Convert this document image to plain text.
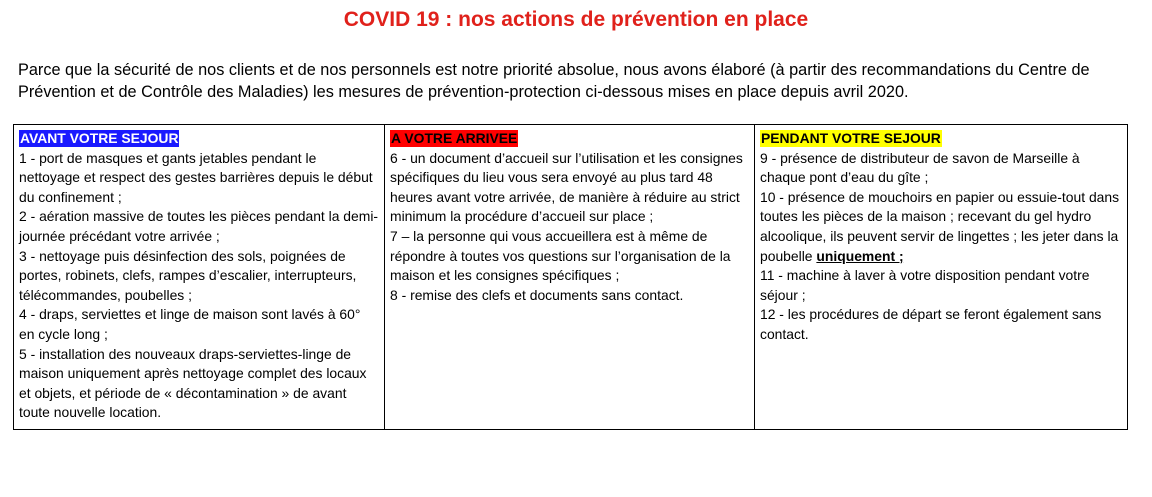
COVID 19 : nos actions de prévention en place

Parce que la sécurité de nos clients et de nos personnels est notre priorité absolue, nous avons élaboré (à partir des recommandations du Centre de

Prévention et de Contrôle des Maladies) les mesures de prévention-protection ci-dessous mises en place depuis avril 2020.

AVANT VOTRE SEJOUR

1 - port de masques et gants jetables pendant le nettoyage et respect des gestes barrières depuis le début du confinement ;

2 - aération massive de toutes les pièces pendant la demi-journée précédant votre arrivée ;

3 - nettoyage puis désinfection des sols, poignées de portes, robinets, clefs, rampes d’escalier, interrupteurs, télécommandes, poubelles ;

4 - draps, serviettes et linge de maison sont lavés à 60° en cycle long ;

5 - installation des nouveaux draps-serviettes-linge de maison uniquement après nettoyage complet des locaux et objets, et période de « décontamination » de avant toute nouvelle location.

	A VOTRE ARRIVEE

6 - un document d’accueil sur l’utilisation et les consignes spécifiques du lieu vous sera envoyé au plus tard 48 heures avant votre arrivée, de manière à réduire au strict minimum la procédure d’accueil sur place ;

7 – la personne qui vous accueillera est à même de répondre à toutes vos questions sur l’organisation de la maison et les consignes spécifiques ;

8 - remise des clefs et documents sans contact.

	PENDANT VOTRE SEJOUR

9 - présence de distributeur de savon de Marseille à chaque pont d’eau du gîte ;

10 - présence de mouchoirs en papier ou essuie-tout dans toutes les pièces de la maison ; recevant du gel hydro alcoolique, ils peuvent servir de lingettes ; les jeter dans la poubelle uniquement ;

11 - machine à laver à votre disposition pendant votre séjour ;

12 - les procédures de départ se feront également sans contact.
